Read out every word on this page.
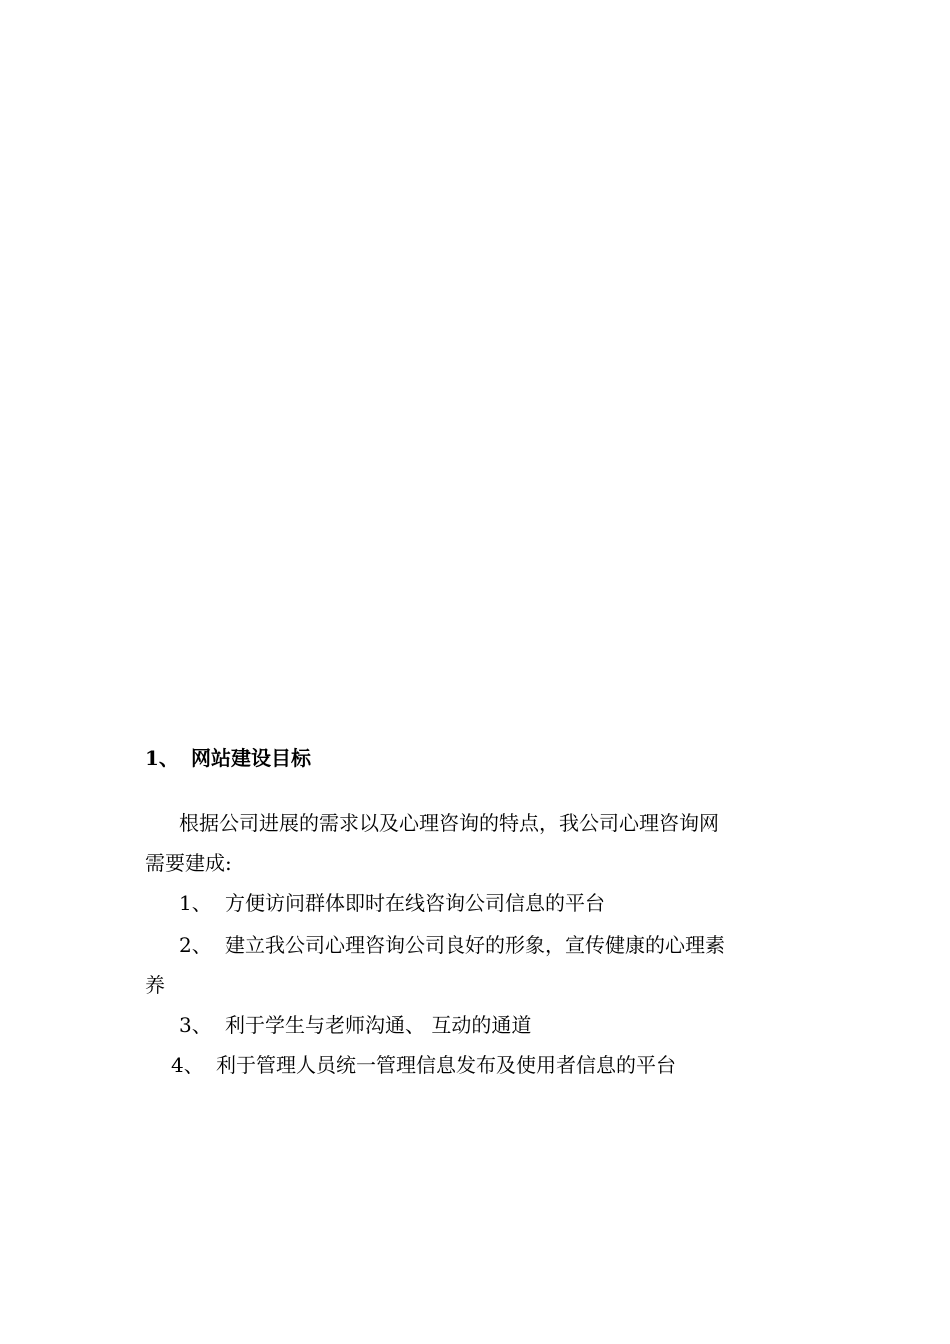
1、 网站建设目标
根据公司进展的需求以及心理咨询的特点，我公司心理咨询网
需要建成:
1、 方便访问群体即时在线咨询公司信息的平台
2、 建立我公司心理咨询公司良好的形象，宣传健康的心理素
养
3、 利于学生与老师沟通、 互动的通道
4、 利于管理人员统一管理信息发布及使用者信息的平台
